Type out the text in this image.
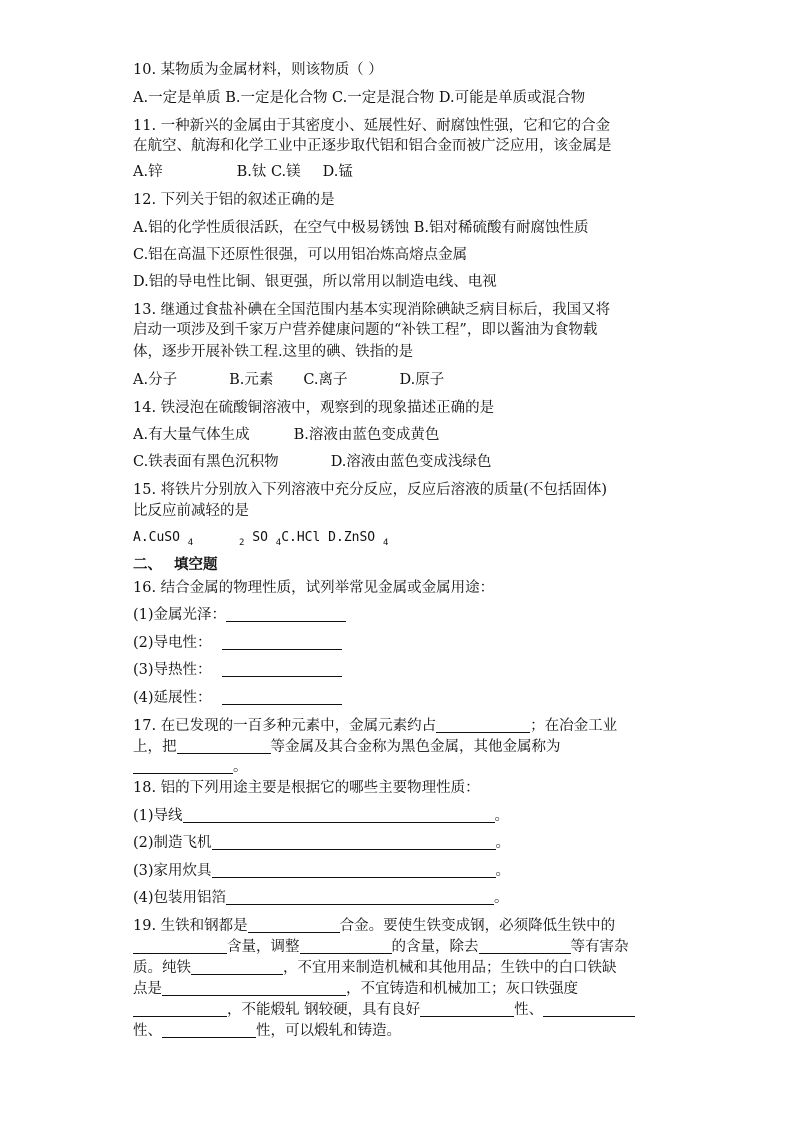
10. 某物质为金属材料，则该物质（ ）
A.一定是单质 B.一定是化合物 C.一定是混合物 D.可能是单质或混合物
11. 一种新兴的金属由于其密度小、延展性好、耐腐蚀性强，它和它的合金
在航空、航海和化学工业中正逐步取代铝和铝合金而被广泛应用，该金属是
A.锌	B.钛 C.镁 D.锰
12. 下列关于铝的叙述正确的是
A.铝的化学性质很活跃，在空气中极易锈蚀 B.铝对稀硫酸有耐腐蚀性质
C.铝在高温下还原性很强，可以用铝冶炼高熔点金属
D.铝的导电性比铜、银更强，所以常用以制造电线、电视
13. 继通过食盐补碘在全国范围内基本实现消除碘缺乏病目标后，我国又将
启动一项涉及到千家万户营养健康问题的“补铁工程”，即以酱油为食物载
体，逐步开展补铁工程.这里的碘、铁指的是
A.分子	B.元素 C.离子	D.原子
14. 铁浸泡在硫酸铜溶液中，观察到的现象描述正确的是
A.有大量气体生成	B.溶液由蓝色变成黄色
C.铁表面有黑色沉积物	D.溶液由蓝色变成浅绿色
15. 将铁片分别放入下列溶液中充分反应，反应后溶液的质量(不包括固体)
比反应前减轻的是
A.CuSO $_4$	$_2$ SO $_4$C.HCl D.ZnSO $_4$
二、 填空题
16. 结合金属的物理性质，试列举常见金属或金属用途：
(1)金属光泽：
(2)导电性：
(3)导热性：
(4)延展性：
17. 在已发现的一百多种元素中，金属元素约占	；在冶金工业
上，把	等金属及其合金称为黑色金属，其他金属称为
。
18. 铝的下列用途主要是根据它的哪些主要物理性质：
(1)导线	。
(2)制造飞机	。
(3)家用炊具	。
(4)包装用铝箔	。
19. 生铁和钢都是	合金。要使生铁变成钢，必须降低生铁中的
含量，调整	的含量，除去	等有害杂
质。纯铁	，不宜用来制造机械和其他用品；生铁中的白口铁缺
点是	，不宜铸造和机械加工；灰口铁强度
，不能煅轧 钢较硬，具有良好	性、
性、	性，可以煅轧和铸造。
